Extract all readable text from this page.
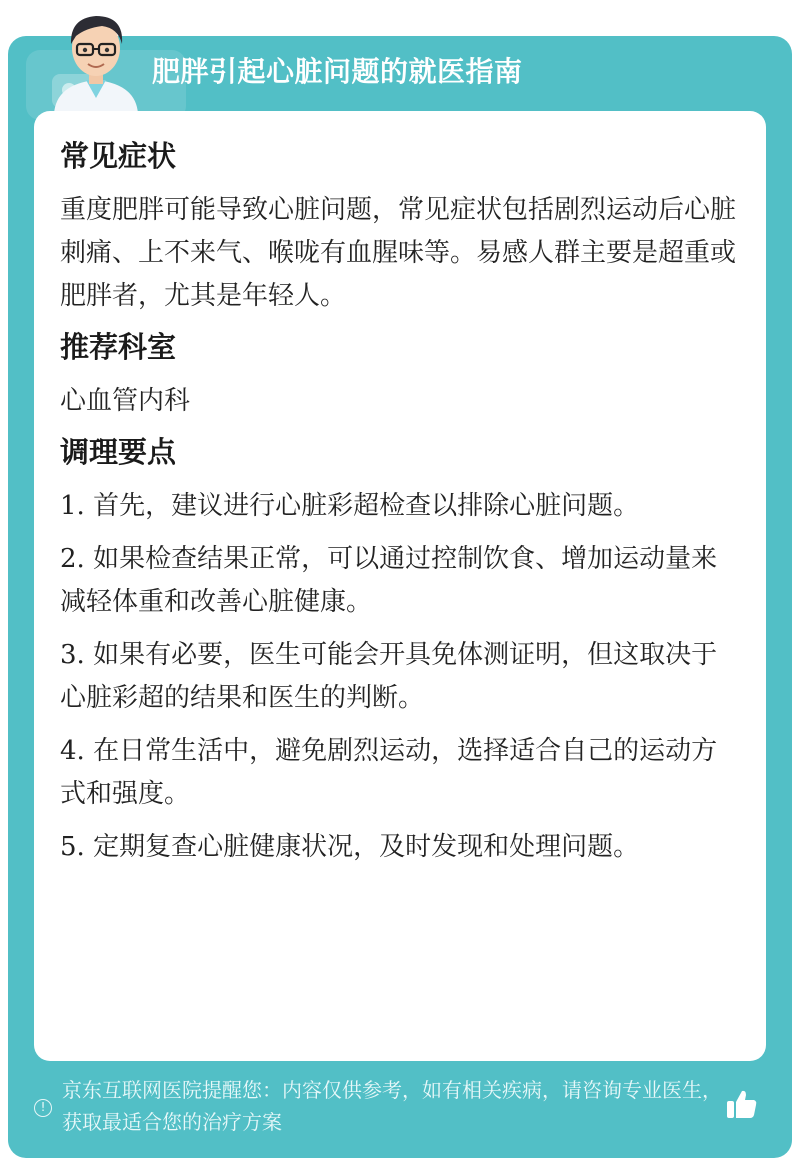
肥胖引起心脏问题的就医指南
常见症状
重度肥胖可能导致心脏问题，常见症状包括剧烈运动后心脏刺痛、上不来气、喉咙有血腥味等。易感人群主要是超重或肥胖者，尤其是年轻人。
推荐科室
心血管内科
调理要点
1. 首先，建议进行心脏彩超检查以排除心脏问题。
2. 如果检查结果正常，可以通过控制饮食、增加运动量来减轻体重和改善心脏健康。
3. 如果有必要，医生可能会开具免体测证明，但这取决于心脏彩超的结果和医生的判断。
4. 在日常生活中，避免剧烈运动，选择适合自己的运动方式和强度。
5. 定期复查心脏健康状况，及时发现和处理问题。
!
京东互联网医院提醒您：内容仅供参考，如有相关疾病，请咨询专业医生，获取最适合您的治疗方案
